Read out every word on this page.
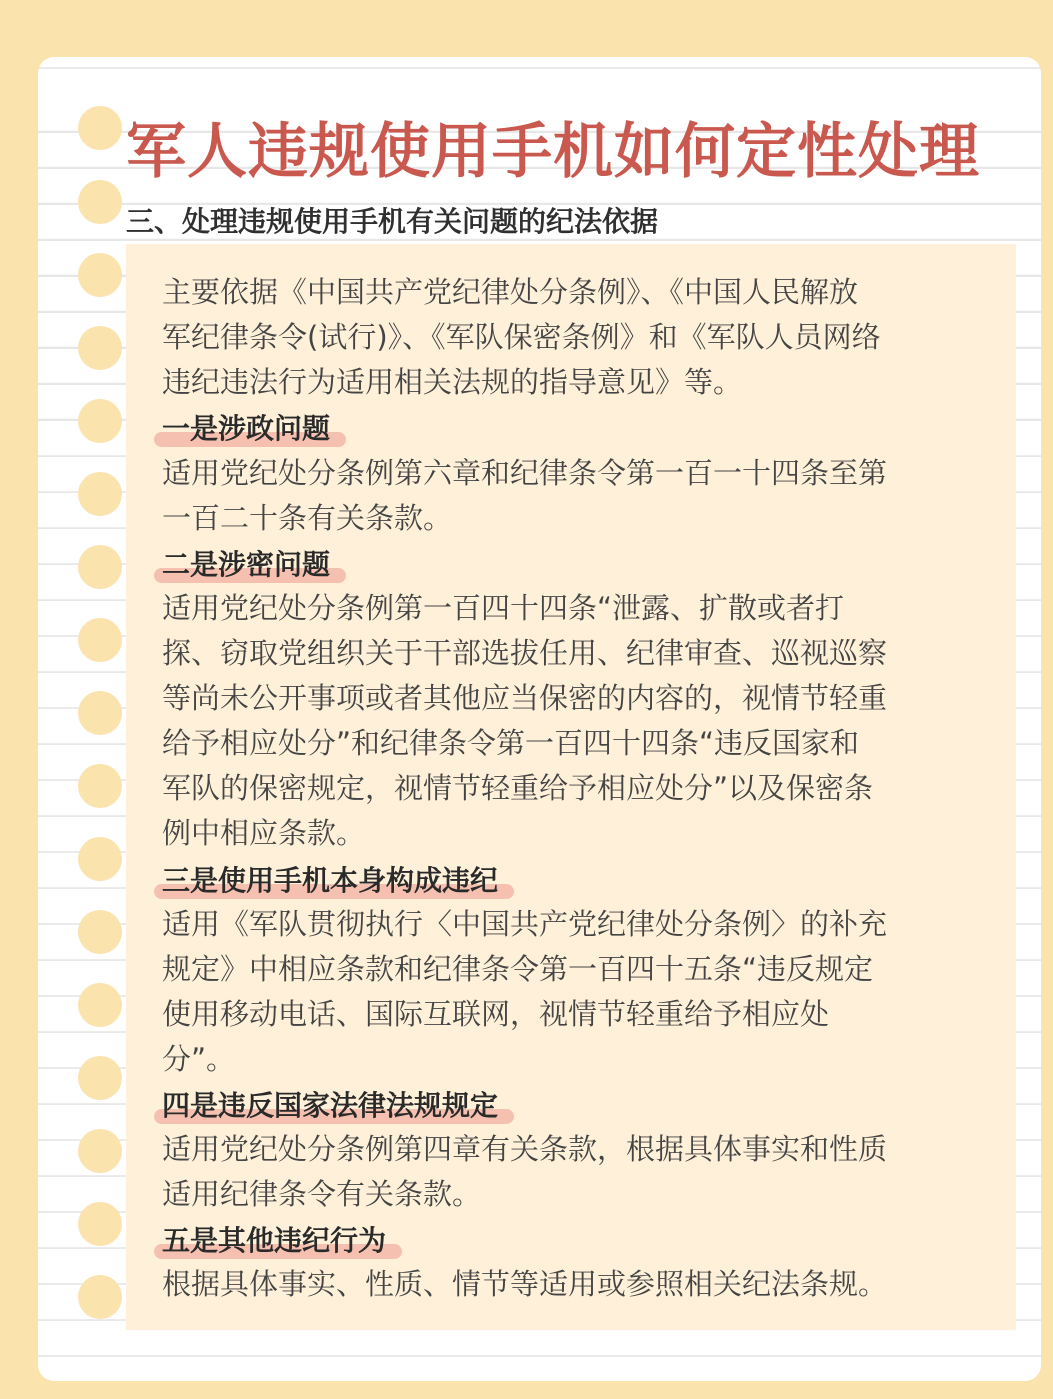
军人违规使用手机如何定性处理
三、处理违规使用手机有关问题的纪法依据

主要依据《中国共产党纪律处分条例》、《中国人民解放
军纪律条令(试行)》、《军队保密条例》和《军队人员网络
违纪违法行为适用相关法规的指导意见》等。

一是涉政问题

适用党纪处分条例第六章和纪律条令第一百一十四条至第
一百二十条有关条款。

二是涉密问题

适用党纪处分条例第一百四十四条“泄露、扩散或者打
探、窃取党组织关于干部选拔任用、纪律审查、巡视巡察
等尚未公开事项或者其他应当保密的内容的，视情节轻重
给予相应处分”和纪律条令第一百四十四条“违反国家和
军队的保密规定，视情节轻重给予相应处分”以及保密条
例中相应条款。

三是使用手机本身构成违纪

适用《军队贯彻执行〈中国共产党纪律处分条例〉的补充
规定》中相应条款和纪律条令第一百四十五条“违反规定
使用移动电话、国际互联网，视情节轻重给予相应处
分”。

四是违反国家法律法规规定

适用党纪处分条例第四章有关条款，根据具体事实和性质
适用纪律条令有关条款。

五是其他违纪行为

根据具体事实、性质、情节等适用或参照相关纪法条规。
